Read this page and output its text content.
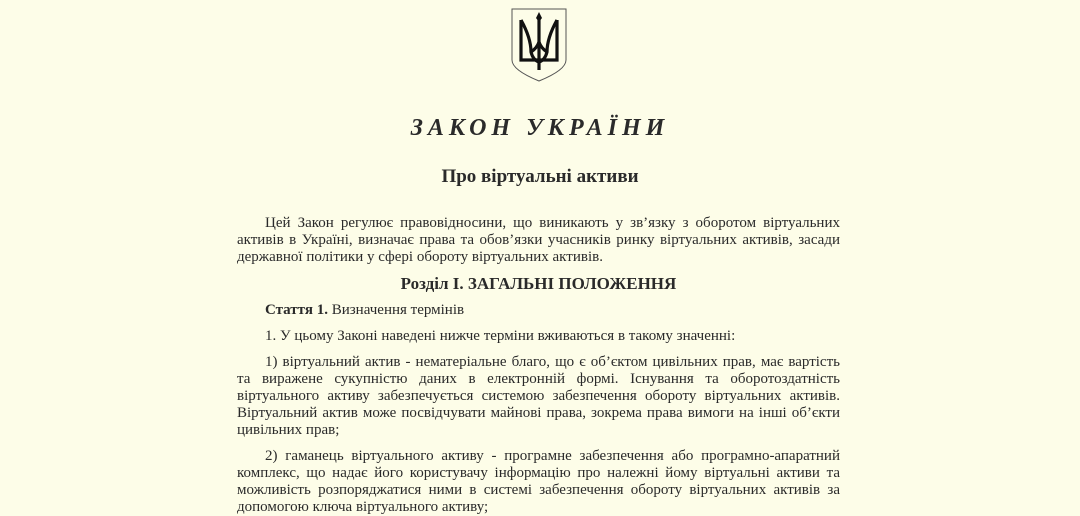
ЗАКОН УКРАЇНИ
Про віртуальні активи

Цей Закон регулює правовідносини, що виникають у зв’язку з оборотом віртуальних активів в Україні, визначає права та обов’язки учасників ринку віртуальних активів, засади державної політики у сфері обороту віртуальних активів.

Розділ I. ЗАГАЛЬНІ ПОЛОЖЕННЯ

Стаття 1. Визначення термінів

1. У цьому Законі наведені нижче терміни вживаються в такому значенні:

1) віртуальний актив - нематеріальне благо, що є об’єктом цивільних прав, має вартість та виражене сукупністю даних в електронній формі. Існування та оборотоздатність віртуального активу забезпечується системою забезпечення обороту віртуальних активів. Віртуальний актив може посвідчувати майнові права, зокрема права вимоги на інші об’єкти цивільних прав;

2) гаманець віртуального активу - програмне забезпечення або програмно-апаратний комплекс, що надає його користувачу інформацію про належні йому віртуальні активи та можливість розпоряджатися ними в системі забезпечення обороту віртуальних активів за допомогою ключа віртуального активу;
